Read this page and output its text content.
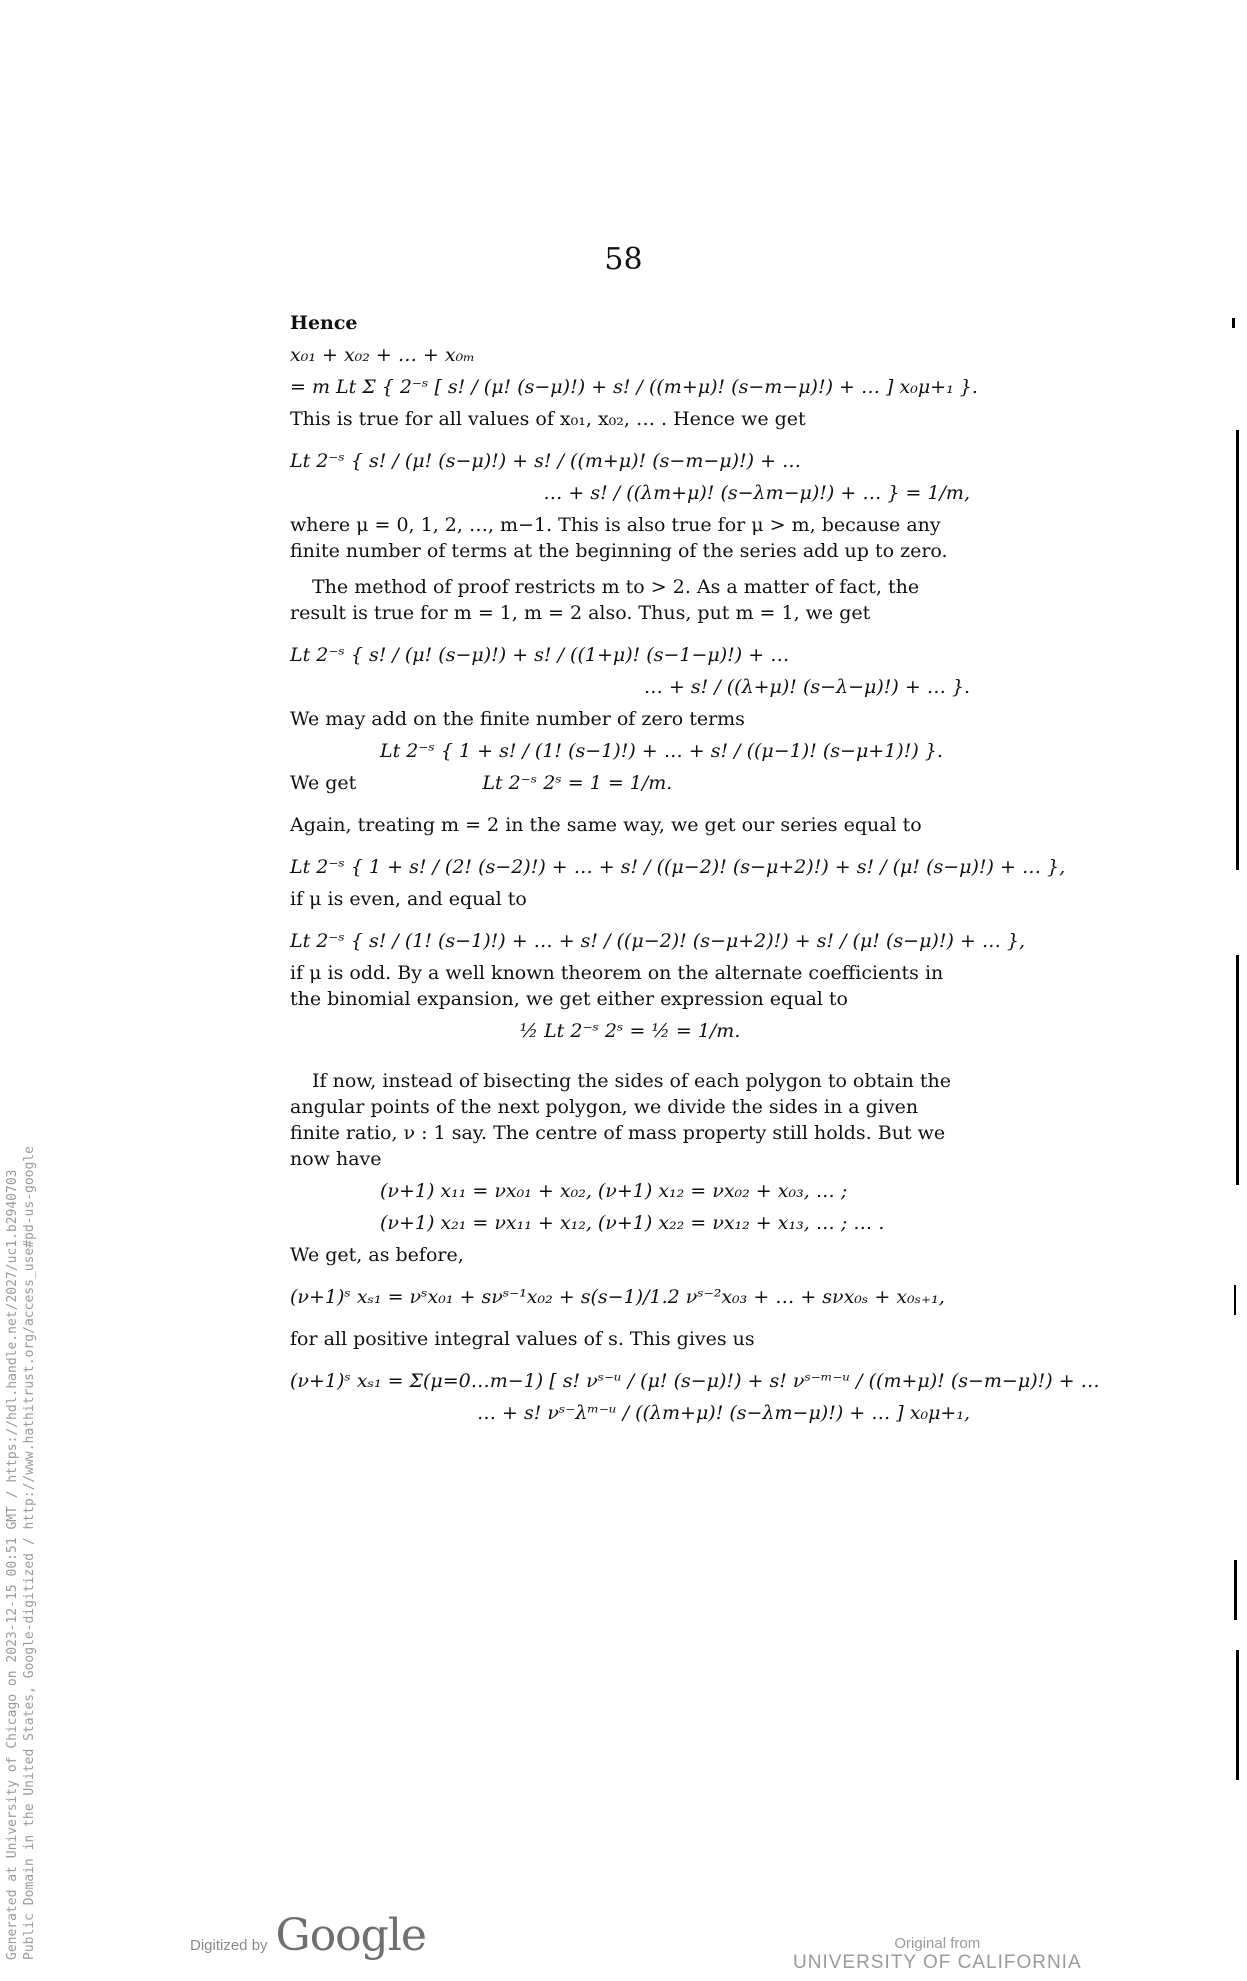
58

Hence

x₀₁ + x₀₂ + … + x₀ₘ
= m Lt Σ { 2⁻ˢ [ s! / (μ! (s−μ)!) + s! / ((m+μ)! (s−m−μ)!) + … ] x₀μ+₁ }.

This is true for all values of x₀₁, x₀₂, … . Hence we get

Lt 2⁻ˢ { s! / (μ! (s−μ)!) + s! / ((m+μ)! (s−m−μ)!) + …
… + s! / ((λm+μ)! (s−λm−μ)!) + … } = 1/m,

where μ = 0, 1, 2, …, m−1. This is also true for μ > m, because any finite number of terms at the beginning of the series add up to zero.

The method of proof restricts m to > 2. As a matter of fact, the result is true for m = 1, m = 2 also. Thus, put m = 1, we get

Lt 2⁻ˢ { s! / (μ! (s−μ)!) + s! / ((1+μ)! (s−1−μ)!) + …
… + s! / ((λ+μ)! (s−λ−μ)!) + … }.

We may add on the finite number of zero terms

Lt 2⁻ˢ { 1 + s! / (1! (s−1)!) + … + s! / ((μ−1)! (s−μ+1)!) }.
We get	Lt 2⁻ˢ 2ˢ = 1 = 1/m.

Again, treating m = 2 in the same way, we get our series equal to

Lt 2⁻ˢ { 1 + s! / (2! (s−2)!) + … + s! / ((μ−2)! (s−μ+2)!) + s! / (μ! (s−μ)!) + … },

if μ is even, and equal to

Lt 2⁻ˢ { s! / (1! (s−1)!) + … + s! / ((μ−2)! (s−μ+2)!) + s! / (μ! (s−μ)!) + … },

if μ is odd. By a well known theorem on the alternate coefficients in the binomial expansion, we get either expression equal to

½ Lt 2⁻ˢ 2ˢ = ½ = 1/m.

If now, instead of bisecting the sides of each polygon to obtain the angular points of the next polygon, we divide the sides in a given finite ratio, ν : 1 say. The centre of mass property still holds. But we now have

(ν+1) x₁₁ = νx₀₁ + x₀₂, (ν+1) x₁₂ = νx₀₂ + x₀₃, … ;
(ν+1) x₂₁ = νx₁₁ + x₁₂, (ν+1) x₂₂ = νx₁₂ + x₁₃, … ; … .

We get, as before,

(ν+1)ˢ xₛ₁ = νˢx₀₁ + sνˢ⁻¹x₀₂ + s(s−1)/1.2 νˢ⁻²x₀₃ + … + sνx₀ₛ + x₀ₛ₊₁,

for all positive integral values of s. This gives us

(ν+1)ˢ xₛ₁ = Σ(μ=0…m−1) [ s! νˢ⁻ᵘ / (μ! (s−μ)!) + s! νˢ⁻ᵐ⁻ᵘ / ((m+μ)! (s−m−μ)!) + …
… + s! νˢ⁻λᵐ⁻ᵘ / ((λm+μ)! (s−λm−μ)!) + … ] x₀μ+₁,
Generated at University of Chicago on 2023-12-15 00:51 GMT / https://hdl.handle.net/2027/uc1.b2940703 Public Domain in the United States, Google-digitized / http://www.hathitrust.org/access_use#pd-us-google	Digitized by Google	Original from
UNIVERSITY OF CALIFORNIA
